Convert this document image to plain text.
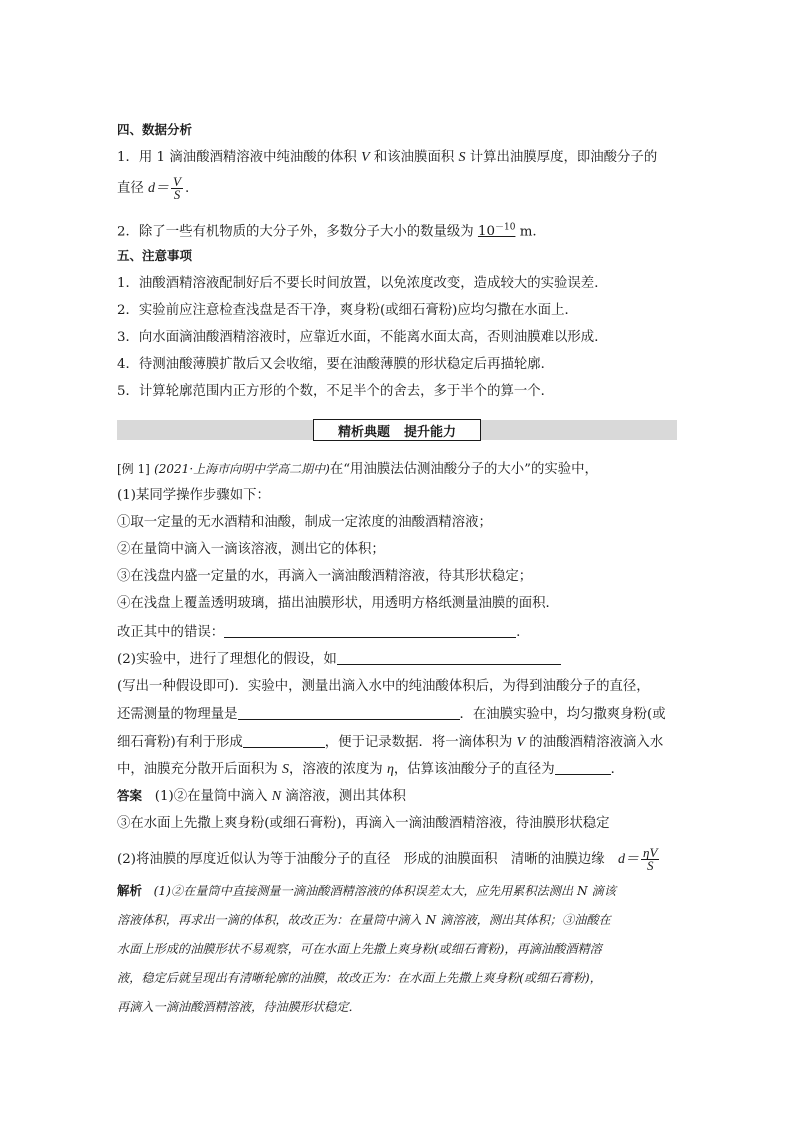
四、数据分析
1．用 1 滴油酸酒精溶液中纯油酸的体积 V 和该油膜面积 S 计算出油膜厚度，即油酸分子的
直径 $d= \frac{V}{S}$ .
2．除了一些有机物质的大分子外，多数分子大小的数量级为 $10^{-10}$ m.
五、注意事项
1．油酸酒精溶液配制好后不要长时间放置，以免浓度改变，造成较大的实验误差．
2．实验前应注意检查浅盘是否干净，爽身粉(或细石膏粉)应均匀撒在水面上．
3．向水面滴油酸酒精溶液时，应靠近水面，不能离水面太高，否则油膜难以形成．
4．待测油酸薄膜扩散后又会收缩，要在油酸薄膜的形状稳定后再描轮廓．
5．计算轮廓范围内正方形的个数，不足半个的舍去，多于半个的算一个．
精析典题 提升能力
[例 1] (2021·上海市向明中学高二期中)在“用油膜法估测油酸分子的大小”的实验中，
(1)某同学操作步骤如下：
①取一定量的无水酒精和油酸，制成一定浓度的油酸酒精溶液；
②在量筒中滴入一滴该溶液，测出它的体积；
③在浅盘内盛一定量的水，再滴入一滴油酸酒精溶液，待其形状稳定；
④在浅盘上覆盖透明玻璃，描出油膜形状，用透明方格纸测量油膜的面积．
改正其中的错误：	.
(2)实验中，进行了理想化的假设，如
(写出一种假设即可)．实验中，测量出滴入水中的纯油酸体积后，为得到油酸分子的直径，
还需测量的物理量是	．在油膜实验中，均匀撒爽身粉(或
细石膏粉)有利于形成	，便于记录数据．将一滴体积为 V 的油酸酒精溶液滴入水
中，油膜充分散开后面积为 S，溶液的浓度为 η，估算该油酸分子的直径为	．
答案 (1)②在量筒中滴入 N 滴溶液，测出其体积
③在水面上先撒上爽身粉(或细石膏粉)，再滴入一滴油酸酒精溶液，待油膜形状稳定
(2)将油膜的厚度近似认为等于油酸分子的直径　形成的油膜面积　清晰的油膜边缘　$d= \frac{\eta V}{S}$
解析 (1)②在量筒中直接测量一滴油酸酒精溶液的体积误差太大，应先用累积法测出 N 滴该
溶液体积，再求出一滴的体积，故改正为：在量筒中滴入 N 滴溶液，测出其体积；③油酸在
水面上形成的油膜形状不易观察，可在水面上先撒上爽身粉(或细石膏粉)，再滴油酸酒精溶
液，稳定后就呈现出有清晰轮廓的油膜，故改正为：在水面上先撒上爽身粉(或细石膏粉)，
再滴入一滴油酸酒精溶液，待油膜形状稳定．
